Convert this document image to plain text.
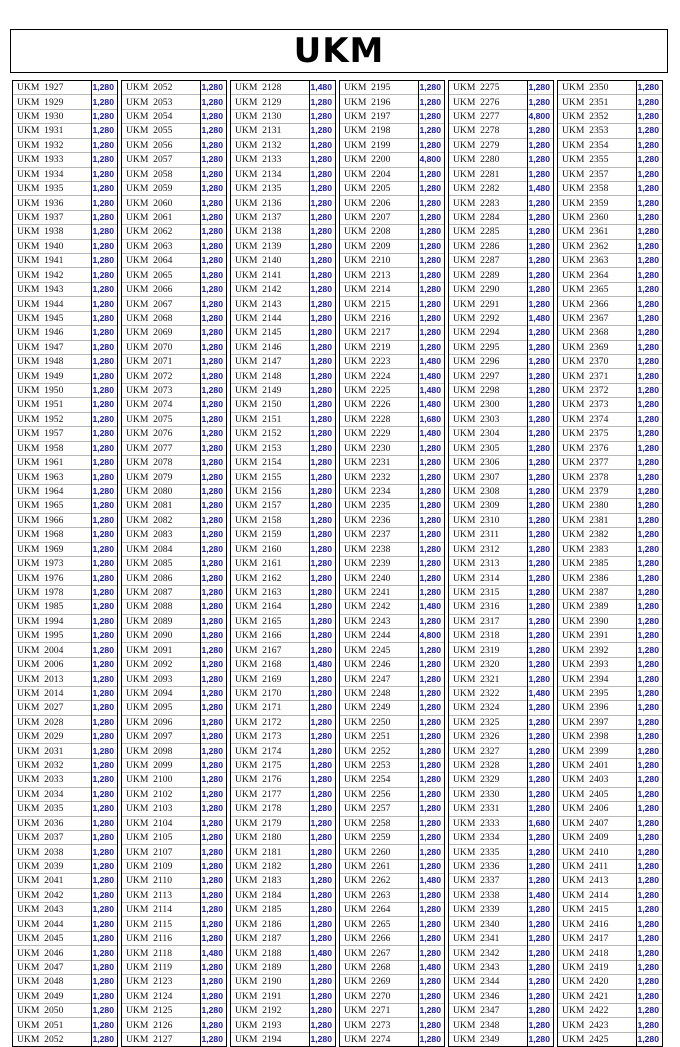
UKM
UKM  1927	1,280
UKM  1929	1,280
UKM  1930	1,280
UKM  1931	1,280
UKM  1932	1,280
UKM  1933	1,280
UKM  1934	1,280
UKM  1935	1,280
UKM  1936	1,280
UKM  1937	1,280
UKM  1938	1,280
UKM  1940	1,280
UKM  1941	1,280
UKM  1942	1,280
UKM  1943	1,280
UKM  1944	1,280
UKM  1945	1,280
UKM  1946	1,280
UKM  1947	1,280
UKM  1948	1,280
UKM  1949	1,280
UKM  1950	1,280
UKM  1951	1,280
UKM  1952	1,280
UKM  1957	1,280
UKM  1958	1,280
UKM  1961	1,280
UKM  1963	1,280
UKM  1964	1,280
UKM  1965	1,280
UKM  1966	1,280
UKM  1968	1,280
UKM  1969	1,280
UKM  1973	1,280
UKM  1976	1,280
UKM  1978	1,280
UKM  1985	1,280
UKM  1994	1,280
UKM  1995	1,280
UKM  2004	1,280
UKM  2006	1,280
UKM  2013	1,280
UKM  2014	1,280
UKM  2027	1,280
UKM  2028	1,280
UKM  2029	1,280
UKM  2031	1,280
UKM  2032	1,280
UKM  2033	1,280
UKM  2034	1,280
UKM  2035	1,280
UKM  2036	1,280
UKM  2037	1,280
UKM  2038	1,280
UKM  2039	1,280
UKM  2041	1,280
UKM  2042	1,280
UKM  2043	1,280
UKM  2044	1,280
UKM  2045	1,280
UKM  2046	1,280
UKM  2047	1,280
UKM  2048	1,280
UKM  2049	1,280
UKM  2050	1,280
UKM  2051	1,280
UKM  2052	1,280
UKM  2052	1,280
UKM  2053	1,280
UKM  2054	1,280
UKM  2055	1,280
UKM  2056	1,280
UKM  2057	1,280
UKM  2058	1,280
UKM  2059	1,280
UKM  2060	1,280
UKM  2061	1,280
UKM  2062	1,280
UKM  2063	1,280
UKM  2064	1,280
UKM  2065	1,280
UKM  2066	1,280
UKM  2067	1,280
UKM  2068	1,280
UKM  2069	1,280
UKM  2070	1,280
UKM  2071	1,280
UKM  2072	1,280
UKM  2073	1,280
UKM  2074	1,280
UKM  2075	1,280
UKM  2076	1,280
UKM  2077	1,280
UKM  2078	1,280
UKM  2079	1,280
UKM  2080	1,280
UKM  2081	1,280
UKM  2082	1,280
UKM  2083	1,280
UKM  2084	1,280
UKM  2085	1,280
UKM  2086	1,280
UKM  2087	1,280
UKM  2088	1,280
UKM  2089	1,280
UKM  2090	1,280
UKM  2091	1,280
UKM  2092	1,280
UKM  2093	1,280
UKM  2094	1,280
UKM  2095	1,280
UKM  2096	1,280
UKM  2097	1,280
UKM  2098	1,280
UKM  2099	1,280
UKM  2100	1,280
UKM  2102	1,280
UKM  2103	1,280
UKM  2104	1,280
UKM  2105	1,280
UKM  2107	1,280
UKM  2109	1,280
UKM  2110	1,280
UKM  2113	1,280
UKM  2114	1,280
UKM  2115	1,280
UKM  2116	1,280
UKM  2118	1,480
UKM  2119	1,280
UKM  2123	1,280
UKM  2124	1,280
UKM  2125	1,280
UKM  2126	1,280
UKM  2127	1,280
UKM  2128	1,480
UKM  2129	1,280
UKM  2130	1,280
UKM  2131	1,280
UKM  2132	1,280
UKM  2133	1,280
UKM  2134	1,280
UKM  2135	1,280
UKM  2136	1,280
UKM  2137	1,280
UKM  2138	1,280
UKM  2139	1,280
UKM  2140	1,280
UKM  2141	1,280
UKM  2142	1,280
UKM  2143	1,280
UKM  2144	1,280
UKM  2145	1,280
UKM  2146	1,280
UKM  2147	1,280
UKM  2148	1,280
UKM  2149	1,280
UKM  2150	1,280
UKM  2151	1,280
UKM  2152	1,280
UKM  2153	1,280
UKM  2154	1,280
UKM  2155	1,280
UKM  2156	1,280
UKM  2157	1,280
UKM  2158	1,280
UKM  2159	1,280
UKM  2160	1,280
UKM  2161	1,280
UKM  2162	1,280
UKM  2163	1,280
UKM  2164	1,280
UKM  2165	1,280
UKM  2166	1,280
UKM  2167	1,280
UKM  2168	1,480
UKM  2169	1,280
UKM  2170	1,280
UKM  2171	1,280
UKM  2172	1,280
UKM  2173	1,280
UKM  2174	1,280
UKM  2175	1,280
UKM  2176	1,280
UKM  2177	1,280
UKM  2178	1,280
UKM  2179	1,280
UKM  2180	1,280
UKM  2181	1,280
UKM  2182	1,280
UKM  2183	1,280
UKM  2184	1,280
UKM  2185	1,280
UKM  2186	1,280
UKM  2187	1,280
UKM  2188	1,480
UKM  2189	1,280
UKM  2190	1,280
UKM  2191	1,280
UKM  2192	1,280
UKM  2193	1,280
UKM  2194	1,280
UKM  2195	1,280
UKM  2196	1,280
UKM  2197	1,280
UKM  2198	1,280
UKM  2199	1,280
UKM  2200	4,800
UKM  2204	1,280
UKM  2205	1,280
UKM  2206	1,280
UKM  2207	1,280
UKM  2208	1,280
UKM  2209	1,280
UKM  2210	1,280
UKM  2213	1,280
UKM  2214	1,280
UKM  2215	1,280
UKM  2216	1,280
UKM  2217	1,280
UKM  2219	1,280
UKM  2223	1,480
UKM  2224	1,480
UKM  2225	1,480
UKM  2226	1,480
UKM  2228	1,680
UKM  2229	1,480
UKM  2230	1,280
UKM  2231	1,280
UKM  2232	1,280
UKM  2234	1,280
UKM  2235	1,280
UKM  2236	1,280
UKM  2237	1,280
UKM  2238	1,280
UKM  2239	1,280
UKM  2240	1,280
UKM  2241	1,280
UKM  2242	1,480
UKM  2243	1,280
UKM  2244	4,800
UKM  2245	1,280
UKM  2246	1,280
UKM  2247	1,280
UKM  2248	1,280
UKM  2249	1,280
UKM  2250	1,280
UKM  2251	1,280
UKM  2252	1,280
UKM  2253	1,280
UKM  2254	1,280
UKM  2256	1,280
UKM  2257	1,280
UKM  2258	1,280
UKM  2259	1,280
UKM  2260	1,280
UKM  2261	1,280
UKM  2262	1,480
UKM  2263	1,280
UKM  2264	1,280
UKM  2265	1,280
UKM  2266	1,280
UKM  2267	1,280
UKM  2268	1,480
UKM  2269	1,280
UKM  2270	1,280
UKM  2271	1,280
UKM  2273	1,280
UKM  2274	1,280
UKM  2275	1,280
UKM  2276	1,280
UKM  2277	4,800
UKM  2278	1,280
UKM  2279	1,280
UKM  2280	1,280
UKM  2281	1,280
UKM  2282	1,480
UKM  2283	1,280
UKM  2284	1,280
UKM  2285	1,280
UKM  2286	1,280
UKM  2287	1,280
UKM  2289	1,280
UKM  2290	1,280
UKM  2291	1,280
UKM  2292	1,480
UKM  2294	1,280
UKM  2295	1,280
UKM  2296	1,280
UKM  2297	1,280
UKM  2298	1,280
UKM  2300	1,280
UKM  2303	1,280
UKM  2304	1,280
UKM  2305	1,280
UKM  2306	1,280
UKM  2307	1,280
UKM  2308	1,280
UKM  2309	1,280
UKM  2310	1,280
UKM  2311	1,280
UKM  2312	1,280
UKM  2313	1,280
UKM  2314	1,280
UKM  2315	1,280
UKM  2316	1,280
UKM  2317	1,280
UKM  2318	1,280
UKM  2319	1,280
UKM  2320	1,280
UKM  2321	1,280
UKM  2322	1,480
UKM  2324	1,280
UKM  2325	1,280
UKM  2326	1,280
UKM  2327	1,280
UKM  2328	1,280
UKM  2329	1,280
UKM  2330	1,280
UKM  2331	1,280
UKM  2333	1,680
UKM  2334	1,280
UKM  2335	1,280
UKM  2336	1,280
UKM  2337	1,280
UKM  2338	1,480
UKM  2339	1,280
UKM  2340	1,280
UKM  2341	1,280
UKM  2342	1,280
UKM  2343	1,280
UKM  2344	1,280
UKM  2346	1,280
UKM  2347	1,280
UKM  2348	1,280
UKM  2349	1,280
UKM  2350	1,280
UKM  2351	1,280
UKM  2352	1,280
UKM  2353	1,280
UKM  2354	1,280
UKM  2355	1,280
UKM  2357	1,280
UKM  2358	1,280
UKM  2359	1,280
UKM  2360	1,280
UKM  2361	1,280
UKM  2362	1,280
UKM  2363	1,280
UKM  2364	1,280
UKM  2365	1,280
UKM  2366	1,280
UKM  2367	1,280
UKM  2368	1,280
UKM  2369	1,280
UKM  2370	1,280
UKM  2371	1,280
UKM  2372	1,280
UKM  2373	1,280
UKM  2374	1,280
UKM  2375	1,280
UKM  2376	1,280
UKM  2377	1,280
UKM  2378	1,280
UKM  2379	1,280
UKM  2380	1,280
UKM  2381	1,280
UKM  2382	1,280
UKM  2383	1,280
UKM  2385	1,280
UKM  2386	1,280
UKM  2387	1,280
UKM  2389	1,280
UKM  2390	1,280
UKM  2391	1,280
UKM  2392	1,280
UKM  2393	1,280
UKM  2394	1,280
UKM  2395	1,280
UKM  2396	1,280
UKM  2397	1,280
UKM  2398	1,280
UKM  2399	1,280
UKM  2401	1,280
UKM  2403	1,280
UKM  2405	1,280
UKM  2406	1,280
UKM  2407	1,280
UKM  2409	1,280
UKM  2410	1,280
UKM  2411	1,280
UKM  2413	1,280
UKM  2414	1,280
UKM  2415	1,280
UKM  2416	1,280
UKM  2417	1,280
UKM  2418	1,280
UKM  2419	1,280
UKM  2420	1,280
UKM  2421	1,280
UKM  2422	1,280
UKM  2423	1,280
UKM  2425	1,280
